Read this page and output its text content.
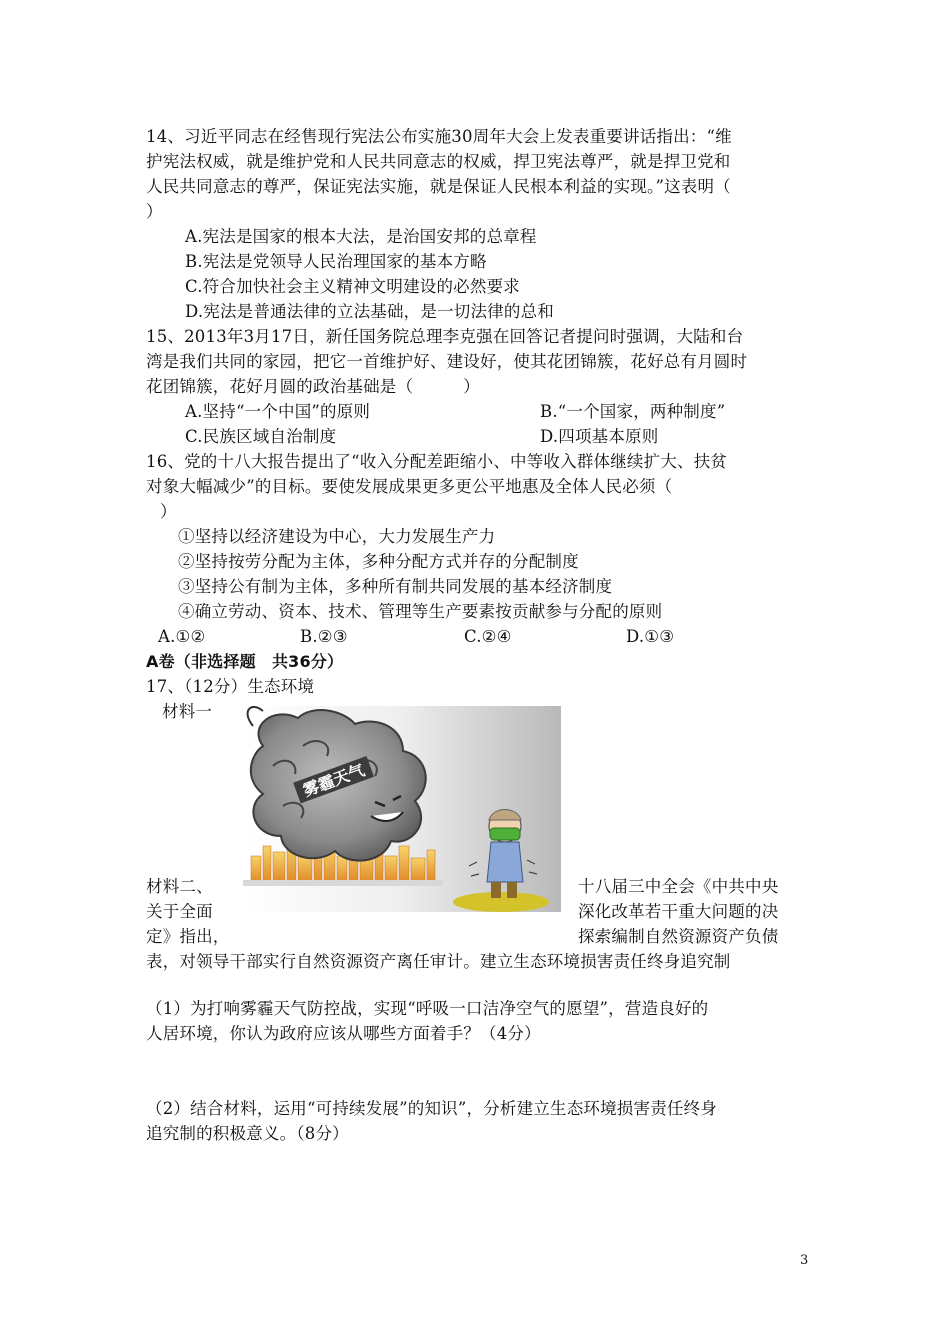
14、习近平同志在经售现行宪法公布实施30周年大会上发表重要讲话指出：“维
护宪法权威，就是维护党和人民共同意志的权威，捍卫宪法尊严，就是捍卫党和
人民共同意志的尊严，保证宪法实施，就是保证人民根本利益的实现。”这表明（
）
A.宪法是国家的根本大法，是治国安邦的总章程
B.宪法是党领导人民治理国家的基本方略
C.符合加快社会主义精神文明建设的必然要求
D.宪法是普通法律的立法基础，是一切法律的总和
15、2013年3月17日，新任国务院总理李克强在回答记者提问时强调，大陆和台
湾是我们共同的家园，把它一首维护好、建设好，使其花团锦簇，花好总有月圆时
花团锦簇，花好月圆的政治基础是（　　　）
A.坚持“一个中国”的原则	B.“一个国家，两种制度”
C.民族区域自治制度	D.四项基本原则
16、党的十八大报告提出了“收入分配差距缩小、中等收入群体继续扩大、扶贫
对象大幅减少”的目标。要使发展成果更多更公平地惠及全体人民必须（
）
①坚持以经济建设为中心，大力发展生产力
②坚持按劳分配为主体，多种分配方式并存的分配制度
③坚持公有制为主体，多种所有制共同发展的基本经济制度
④确立劳动、资本、技术、管理等生产要素按贡献参与分配的原则
A.①②	B.②③	C.②④	D.①③
A卷（非选择题　共36分）
17、（12分）生态环境
材料一
雾霾天气
材料二、
关于全面
定》指出，
十八届三中全会《中共中央
深化改革若干重大问题的决
探索编制自然资源资产负债
表，对领导干部实行自然资源资产离任审计。建立生态环境损害责任终身追究制
（1）为打响雾霾天气防控战，实现“呼吸一口洁净空气的愿望”，营造良好的
人居环境，你认为政府应该从哪些方面着手？（4分）
（2）结合材料，运用“可持续发展”的知识”，分析建立生态环境损害责任终身
追究制的积极意义。（8分）
3
